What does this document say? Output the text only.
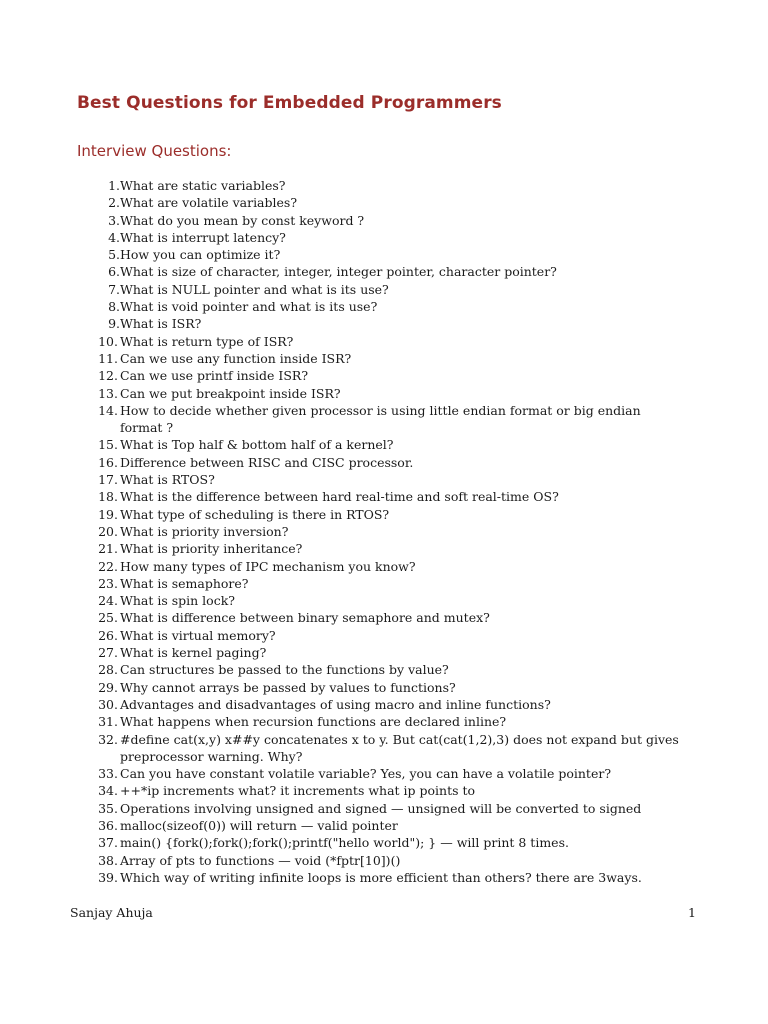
Best Questions for Embedded Programmers
Interview Questions:
1. What are static variables?
2. What are volatile variables?
3. What do you mean by const keyword ?
4. What is interrupt latency?
5. How you can optimize it?
6. What is size of character, integer, integer pointer, character pointer?
7. What is NULL pointer and what is its use?
8. What is void pointer and what is its use?
9. What is ISR?
10. What is return type of ISR?
11. Can we use any function inside ISR?
12. Can we use printf inside ISR?
13. Can we put breakpoint inside ISR?
14. How to decide whether given processor is using little endian format or big endian format ?
15. What is Top half & bottom half of a kernel?
16. Difference between RISC and CISC processor.
17. What is RTOS?
18. What is the difference between hard real-time and soft real-time OS?
19. What type of scheduling is there in RTOS?
20. What is priority inversion?
21. What is priority inheritance?
22. How many types of IPC mechanism you know?
23. What is semaphore?
24. What is spin lock?
25. What is difference between binary semaphore and mutex?
26. What is virtual memory?
27. What is kernel paging?
28. Can structures be passed to the functions by value?
29. Why cannot arrays be passed by values to functions?
30. Advantages and disadvantages of using macro and inline functions?
31. What happens when recursion functions are declared inline?
32. #define cat(x,y) x##y concatenates x to y. But cat(cat(1,2),3) does not expand but gives preprocessor warning. Why?
33. Can you have constant volatile variable? Yes, you can have a volatile pointer?
34. ++*ip increments what? it increments what ip points to
35. Operations involving unsigned and signed — unsigned will be converted to signed
36. malloc(sizeof(0)) will return — valid pointer
37. main() {fork();fork();fork();printf("hello world"); } — will print 8 times.
38. Array of pts to functions — void (*fptr[10])()
39. Which way of writing infinite loops is more efficient than others? there are 3ways.

Sanjay Ahuja	1
